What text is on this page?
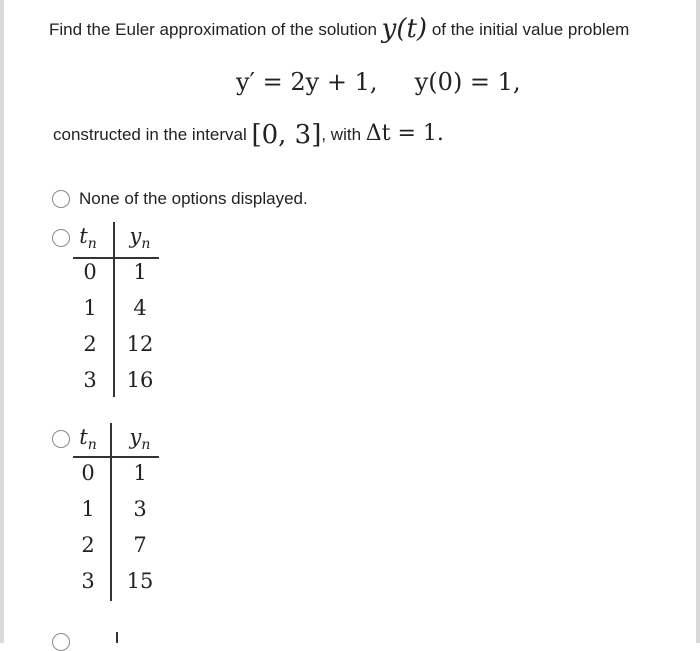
Find the Euler approximation of the solution y(t) of the initial value problem
y′ = 2y + 1, y(0) = 1,
constructed in the interval [0, 3], with Δt = 1.
None of the options displayed.
$t_n$	$y_n$
0	1
1	4
2	12
3	16
$t_n$	$y_n$
0	1
1	3
2	7
3	15
